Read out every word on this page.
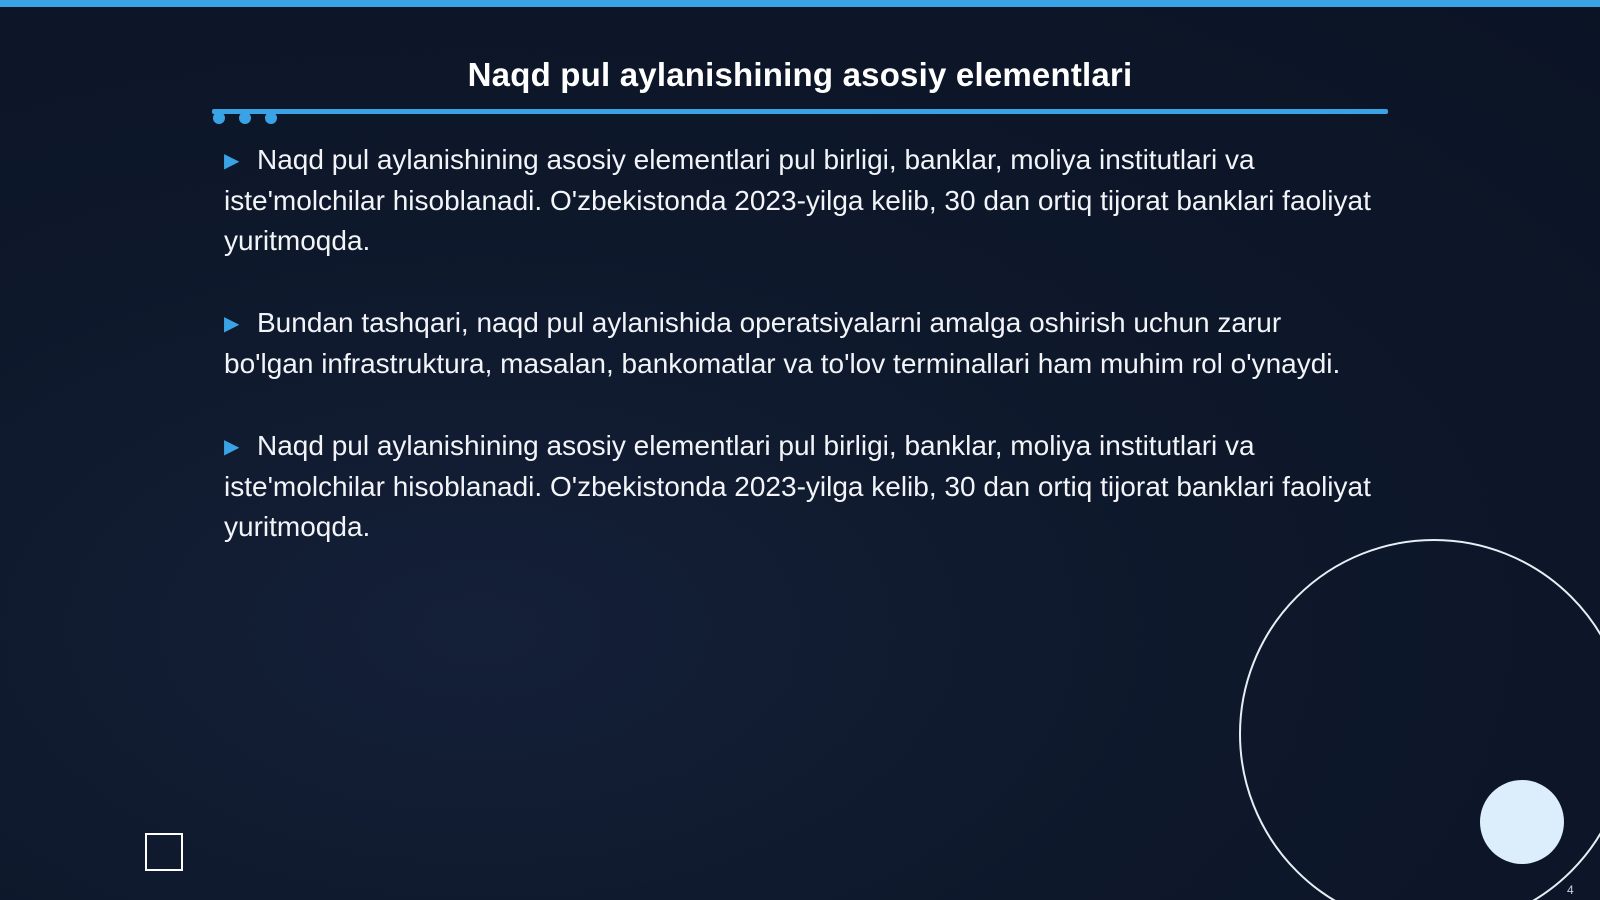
Naqd pul aylanishining asosiy elementlari

▶ Naqd pul aylanishining asosiy elementlari pul birligi, banklar, moliya institutlari va iste'molchilar hisoblanadi. O'zbekistonda 2023-yilga kelib, 30 dan ortiq tijorat banklari faoliyat yuritmoqda.

▶ Bundan tashqari, naqd pul aylanishida operatsiyalarni amalga oshirish uchun zarur bo'lgan infrastruktura, masalan, bankomatlar va to'lov terminallari ham muhim rol o'ynaydi.

▶ Naqd pul aylanishining asosiy elementlari pul birligi, banklar, moliya institutlari va iste'molchilar hisoblanadi. O'zbekistonda 2023-yilga kelib, 30 dan ortiq tijorat banklari faoliyat yuritmoqda.

4
